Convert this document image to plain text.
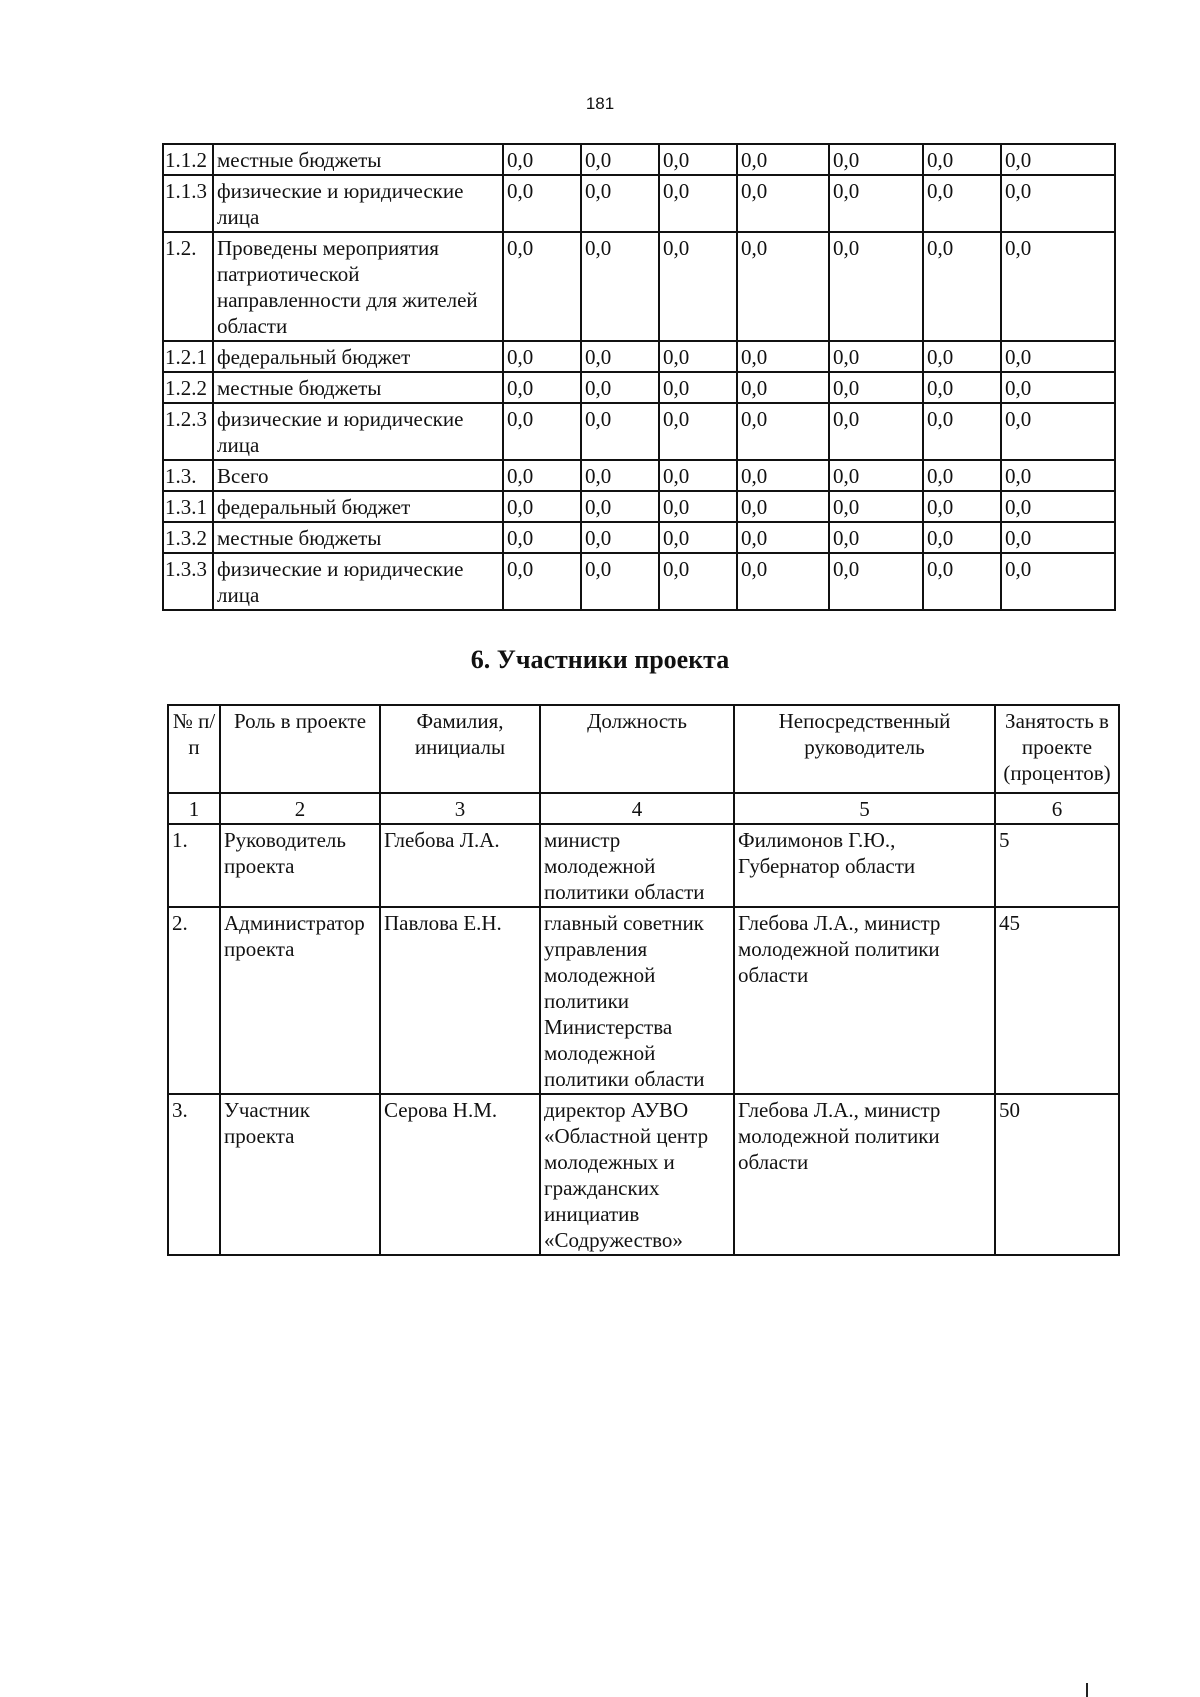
181
1.1.2	местные бюджеты	0,0	0,0	0,0	0,0	0,0	0,0	0,0
1.1.3	физические и юридические лица	0,0	0,0	0,0	0,0	0,0	0,0	0,0
1.2.	Проведены мероприятия патриотической направленности для жителей области	0,0	0,0	0,0	0,0	0,0	0,0	0,0
1.2.1	федеральный бюджет	0,0	0,0	0,0	0,0	0,0	0,0	0,0
1.2.2	местные бюджеты	0,0	0,0	0,0	0,0	0,0	0,0	0,0
1.2.3	физические и юридические лица	0,0	0,0	0,0	0,0	0,0	0,0	0,0
1.3.	Всего	0,0	0,0	0,0	0,0	0,0	0,0	0,0
1.3.1	федеральный бюджет	0,0	0,0	0,0	0,0	0,0	0,0	0,0
1.3.2	местные бюджеты	0,0	0,0	0,0	0,0	0,0	0,0	0,0
1.3.3	физические и юридические лица	0,0	0,0	0,0	0,0	0,0	0,0	0,0
6. Участники проекта
№ п/п	Роль в проекте	Фамилия, инициалы	Должность	Непосредственный руководитель	Занятость в проекте (процентов)
1	2	3	4	5	6
1.	Руководитель проекта	Глебова Л.А.	министр молодежной политики области	Филимонов Г.Ю., Губернатор области	5
2.	Администратор проекта	Павлова Е.Н.	главный советник управления молодежной политики Министерства молодежной политики области	Глебова Л.А., министр молодежной политики области	45
3.	Участник проекта	Серова Н.М.	директор АУВО «Областной центр молодежных и гражданских инициатив «Содружество»	Глебова Л.А., министр молодежной политики области	50
